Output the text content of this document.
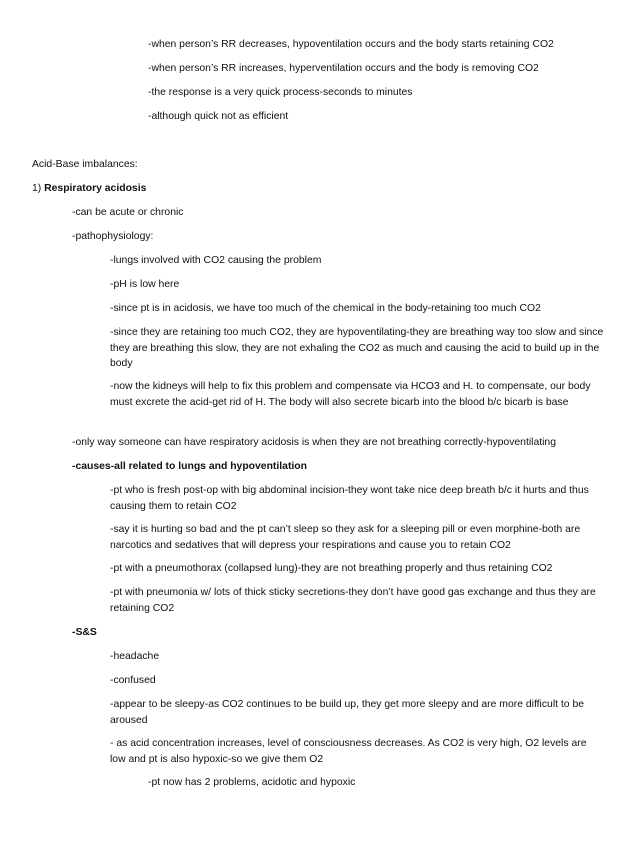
-when person’s RR decreases, hypoventilation occurs and the body starts retaining CO2
-when person’s RR increases, hyperventilation occurs and the body is removing CO2
-the response is a very quick process-seconds to minutes
-although quick not as efficient
Acid-Base imbalances:
1) Respiratory acidosis
-can be acute or chronic
-pathophysiology:
-lungs involved with CO2 causing the problem
-pH is low here
-since pt is in acidosis, we have too much of the chemical in the body-retaining too much CO2
-since they are retaining too much CO2, they are hypoventilating-they are breathing way too slow and since they are breathing this slow, they are not exhaling the CO2 as much and causing the acid to build up in the body
-now the kidneys will help to fix this problem and compensate via HCO3 and H. to compensate, our body must excrete the acid-get rid of H. The body will also secrete bicarb into the blood b/c bicarb is base
-only way someone can have respiratory acidosis is when they are not breathing correctly-hypoventilating
-causes-all related to lungs and hypoventilation
-pt who is fresh post-op with big abdominal incision-they wont take nice deep breath b/c it hurts and thus causing them to retain CO2
-say it is hurting so bad and the pt can’t sleep so they ask for a sleeping pill or even morphine-both are narcotics and sedatives that will depress your respirations and cause you to retain CO2
-pt with a pneumothorax (collapsed lung)-they are not breathing properly and thus retaining CO2
-pt with pneumonia w/ lots of thick sticky secretions-they don’t have good gas exchange and thus they are retaining CO2
-S&S
-headache
-confused
-appear to be sleepy-as CO2 continues to be build up, they get more sleepy and are more difficult to be aroused
- as acid concentration increases, level of consciousness decreases. As CO2 is very high, O2 levels are low and pt is also hypoxic-so we give them O2
-pt now has 2 problems, acidotic and hypoxic
